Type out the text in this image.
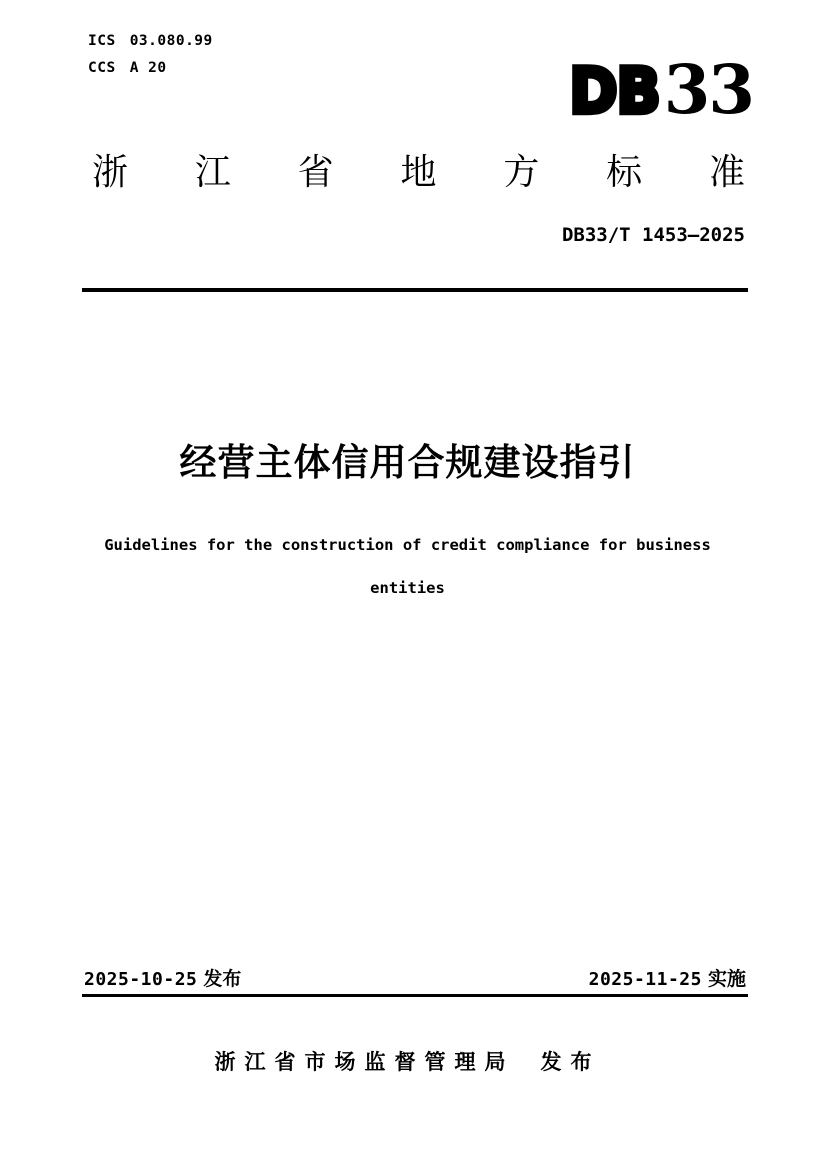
ICS 03.080.99
CCS A 20	DB 33
浙 江 省 地 方 标 准
DB33/T 1453—2025
经营主体信用合规建设指引
Guidelines for the construction of credit compliance for business
entities
2025-10-25 发布	2025-11-25 实施
浙江省市场监督管理局 发布
